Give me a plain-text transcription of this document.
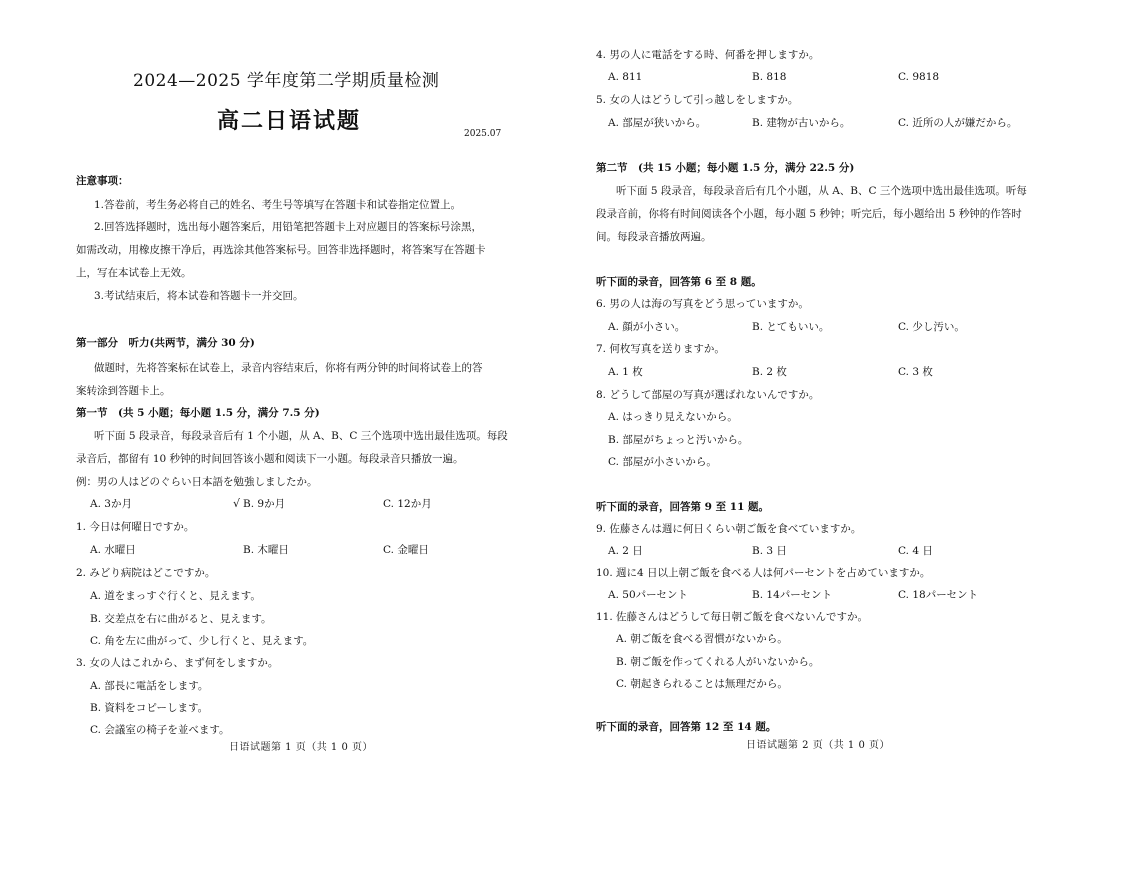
2024—2025 学年度第二学期质量检测
高二日语试题	2025.07
注意事项：
1.答卷前，考生务必将自己的姓名、考生号等填写在答题卡和试卷指定位置上。
2.回答选择题时，选出每小题答案后，用铅笔把答题卡上对应题目的答案标号涂黑，
如需改动，用橡皮擦干净后，再选涂其他答案标号。回答非选择题时，将答案写在答题卡
上，写在本试卷上无效。
3.考试结束后，将本试卷和答题卡一并交回。
第一部分　听力(共两节，满分 30 分)
做题时，先将答案标在试卷上，录音内容结束后，你将有两分钟的时间将试卷上的答
案转涂到答题卡上。
第一节　(共 5 小题；每小题 1.5 分，满分 7.5 分)
听下面 5 段录音，每段录音后有 1 个小题，从 A、B、C 三个选项中选出最佳选项。每段
录音后，都留有 10 秒钟的时间回答该小题和阅读下一小题。每段录音只播放一遍。
例：男の人はどのぐらい日本語を勉強しましたか。
A. 3か月	√ B. 9か月	C. 12か月
1. 今日は何曜日ですか。
A. 水曜日	B. 木曜日	C. 金曜日
2. みどり病院はどこですか。
A. 道をまっすぐ行くと、見えます。
B. 交差点を右に曲がると、見えます。
C. 角を左に曲がって、少し行くと、見えます。
3. 女の人はこれから、まず何をしますか。
A. 部長に電話をします。
B. 資料をコピーします。
C. 会議室の椅子を並べます。
日语试题第 1 页（共 1 0 页）
4. 男の人に電話をする時、何番を押しますか。
A. 811	B. 818	C. 9818
5. 女の人はどうして引っ越しをしますか。
A. 部屋が狭いから。	B. 建物が古いから。	C. 近所の人が嫌だから。
第二节　(共 15 小题；每小题 1.5 分，满分 22.5 分)
听下面 5 段录音，每段录音后有几个小题，从 A、B、C 三个选项中选出最佳选项。听每
段录音前，你将有时间阅读各个小题，每小题 5 秒钟；听完后，每小题给出 5 秒钟的作答时
间。每段录音播放两遍。
听下面的录音，回答第 6 至 8 题。
6. 男の人は海の写真をどう思っていますか。
A. 顔が小さい。	B. とてもいい。	C. 少し汚い。
7. 何枚写真を送りますか。
A. 1 枚	B. 2 枚	C. 3 枚
8. どうして部屋の写真が選ばれないんですか。
A. はっきり見えないから。
B. 部屋がちょっと汚いから。
C. 部屋が小さいから。
听下面的录音，回答第 9 至 11 题。
9. 佐藤さんは週に何日くらい朝ご飯を食べていますか。
A. 2 日	B. 3 日	C. 4 日
10. 週に4 日以上朝ご飯を食べる人は何パーセントを占めていますか。
A. 50パーセント	B. 14パーセント	C. 18パーセント
11. 佐藤さんはどうして毎日朝ご飯を食べないんですか。
A. 朝ご飯を食べる習慣がないから。
B. 朝ご飯を作ってくれる人がいないから。
C. 朝起きられることは無理だから。
听下面的录音，回答第 12 至 14 题。
日语试题第 2 页（共 1 0 页）
